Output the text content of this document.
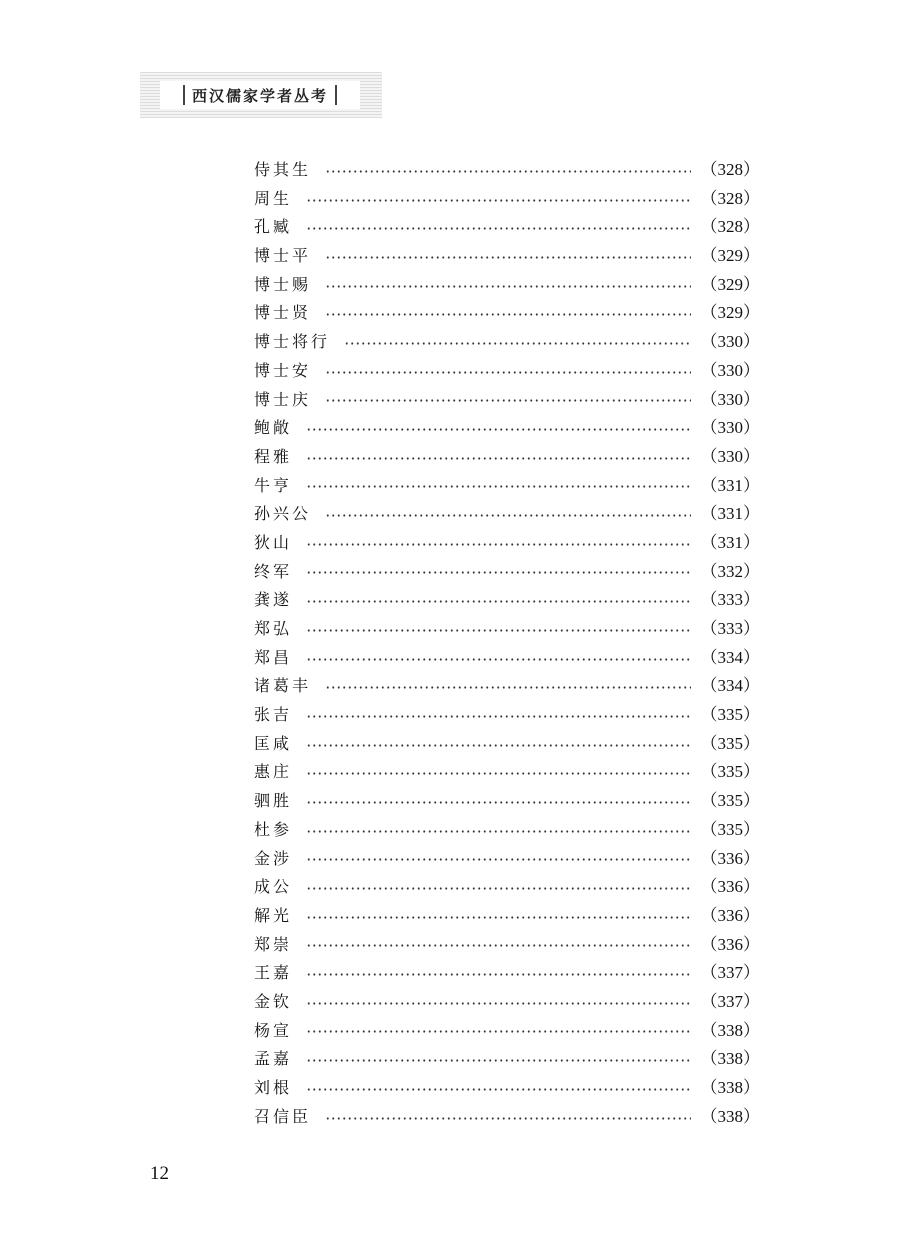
西汉儒家学者丛考
侍其生	（328）
周生	（328）
孔臧	（328）
博士平	（329）
博士赐	（329）
博士贤	（329）
博士将行	（330）
博士安	（330）
博士庆	（330）
鲍敞	（330）
程雅	（330）
牛亨	（331）
孙兴公	（331）
狄山	（331）
终军	（332）
龚遂	（333）
郑弘	（333）
郑昌	（334）
诸葛丰	（334）
张吉	（335）
匡咸	（335）
惠庄	（335）
驷胜	（335）
杜参	（335）
金涉	（336）
成公	（336）
解光	（336）
郑崇	（336）
王嘉	（337）
金钦	（337）
杨宣	（338）
孟嘉	（338）
刘根	（338）
召信臣	（338）
12
